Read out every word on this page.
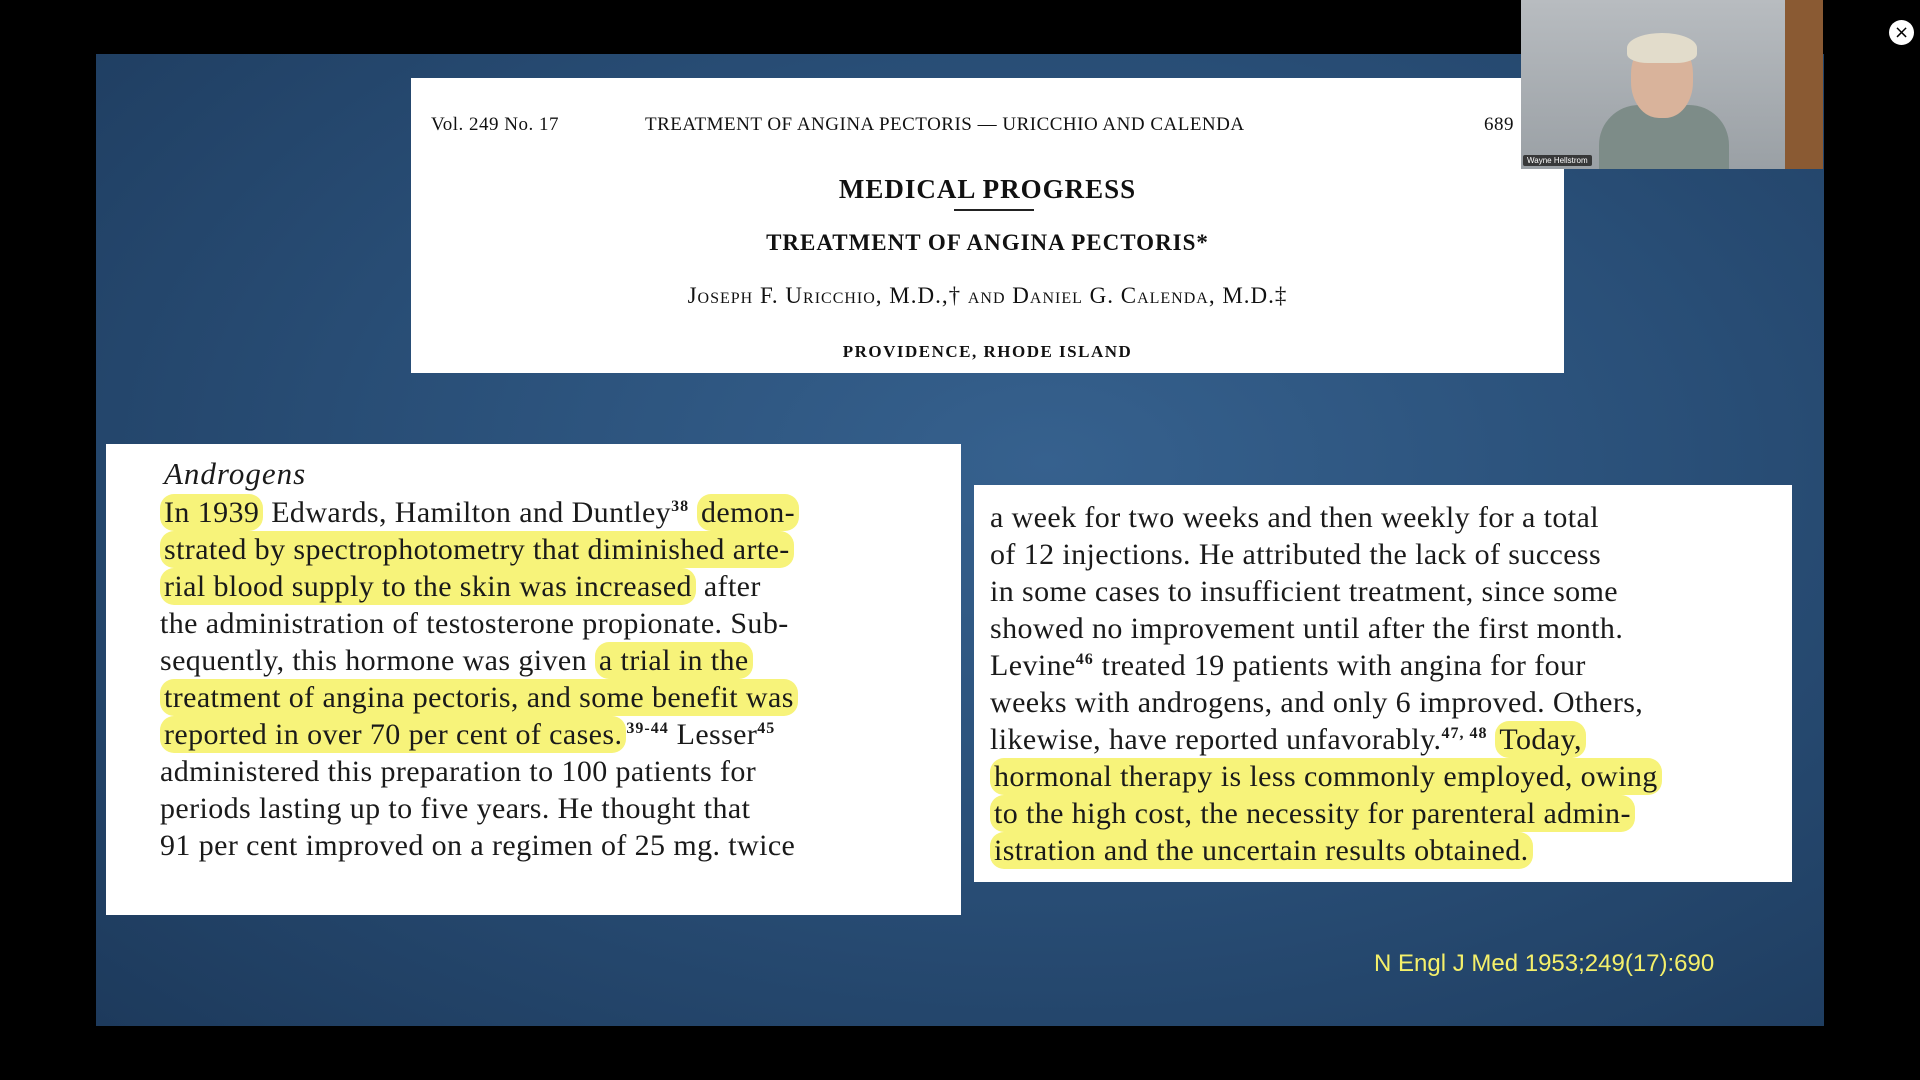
Vol. 249 No. 17	TREATMENT OF ANGINA PECTORIS — URICCHIO AND CALENDA	689
MEDICAL PROGRESS
TREATMENT OF ANGINA PECTORIS*
Joseph F. Uricchio, M.D.,† and Daniel G. Calenda, M.D.‡
PROVIDENCE, RHODE ISLAND
Androgens
In 1939 Edwards, Hamilton and Duntley$^{38}$ demon-
strated by spectrophotometry that diminished arte-
rial blood supply to the skin was increased after
the administration of testosterone propionate. Sub-
sequently, this hormone was given a trial in the
treatment of angina pectoris, and some benefit was
reported in over 70 per cent of cases. $^{39-44}$ Lesser$^{45}$
administered this preparation to 100 patients for
periods lasting up to five years. He thought that
91 per cent improved on a regimen of 25 mg. twice
a week for two weeks and then weekly for a total
of 12 injections. He attributed the lack of success
in some cases to insufficient treatment, since some
showed no improvement until after the first month.
Levine$^{46}$ treated 19 patients with angina for four
weeks with androgens, and only 6 improved. Others,
likewise, have reported unfavorably.$^{47, 48}$ Today,
hormonal therapy is less commonly employed, owing
to the high cost, the necessity for parenteral admin-
istration and the uncertain results obtained.
N Engl J Med 1953;249(17):690
Wayne Hellstrom
×
